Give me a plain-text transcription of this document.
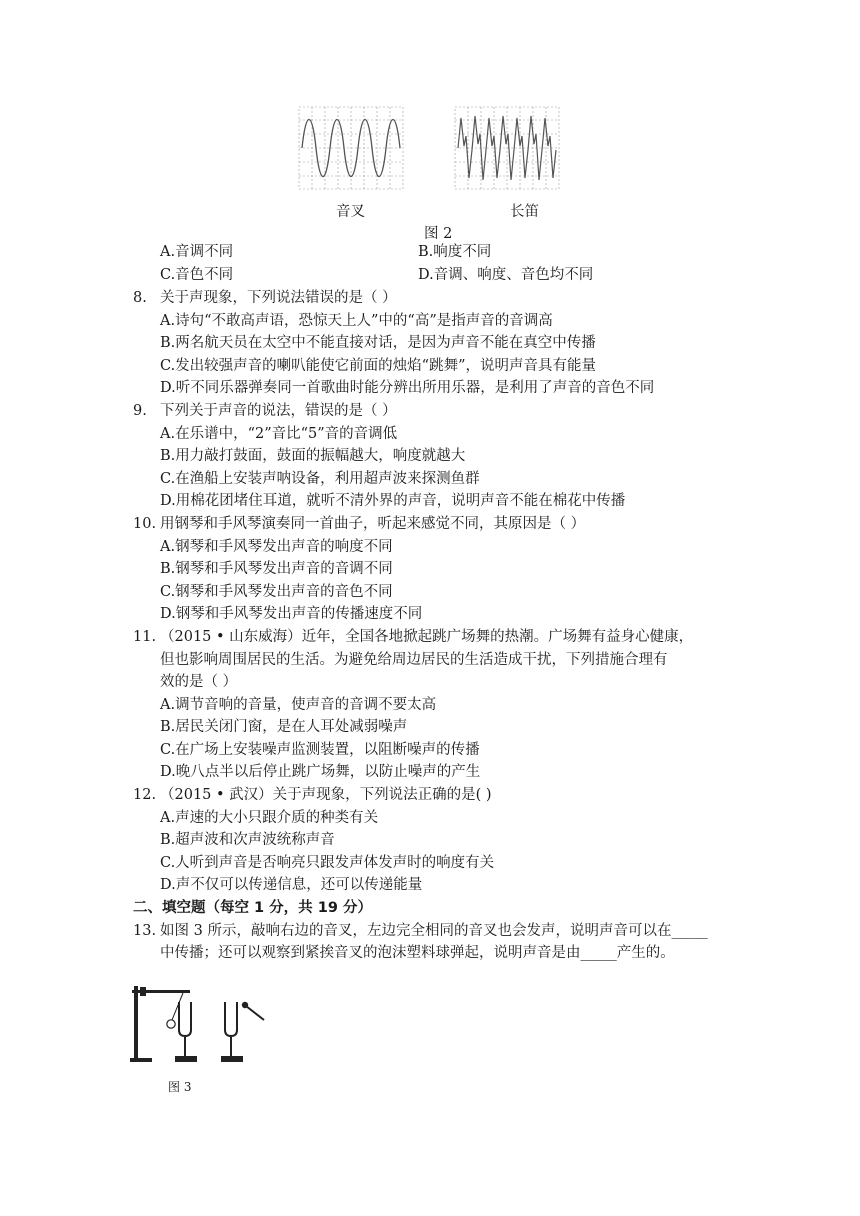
音叉	长笛
图 2
A.音调不同	B.响度不同
C.音色不同	D.音调、响度、音色均不同
8. 关于声现象，下列说法错误的是（ ）
A.诗句“不敢高声语，恐惊天上人”中的“高”是指声音的音调高
B.两名航天员在太空中不能直接对话，是因为声音不能在真空中传播
C.发出较强声音的喇叭能使它前面的烛焰“跳舞”，说明声音具有能量
D.听不同乐器弹奏同一首歌曲时能分辨出所用乐器，是利用了声音的音色不同
9. 下列关于声音的说法，错误的是（ ）
A.在乐谱中，“2”音比“5”音的音调低
B.用力敲打鼓面，鼓面的振幅越大，响度就越大
C.在渔船上安装声呐设备，利用超声波来探测鱼群
D.用棉花团堵住耳道，就听不清外界的声音，说明声音不能在棉花中传播
10. 用钢琴和手风琴演奏同一首曲子，听起来感觉不同，其原因是（ ）
A.钢琴和手风琴发出声音的响度不同
B.钢琴和手风琴发出声音的音调不同
C.钢琴和手风琴发出声音的音色不同
D.钢琴和手风琴发出声音的传播速度不同
11. （2015 • 山东威海）近年，全国各地掀起跳广场舞的热潮。广场舞有益身心健康，
但也影响周围居民的生活。为避免给周边居民的生活造成干扰，下列措施合理有
效的是（ ）
A.调节音响的音量，使声音的音调不要太高
B.居民关闭门窗，是在人耳处减弱噪声
C.在广场上安装噪声监测装置，以阻断噪声的传播
D.晚八点半以后停止跳广场舞，以防止噪声的产生
12. （2015 • 武汉）关于声现象，下列说法正确的是( )
A.声速的大小只跟介质的种类有关
B.超声波和次声波统称声音
C.人听到声音是否响亮只跟发声体发声时的响度有关
D.声不仅可以传递信息，还可以传递能量
二、填空题（每空 1 分，共 19 分）
13. 如图 3 所示，敲响右边的音叉，左边完全相同的音叉也会发声，说明声音可以在_____
中传播；还可以观察到紧挨音叉的泡沫塑料球弹起，说明声音是由_____产生的。
图 3
